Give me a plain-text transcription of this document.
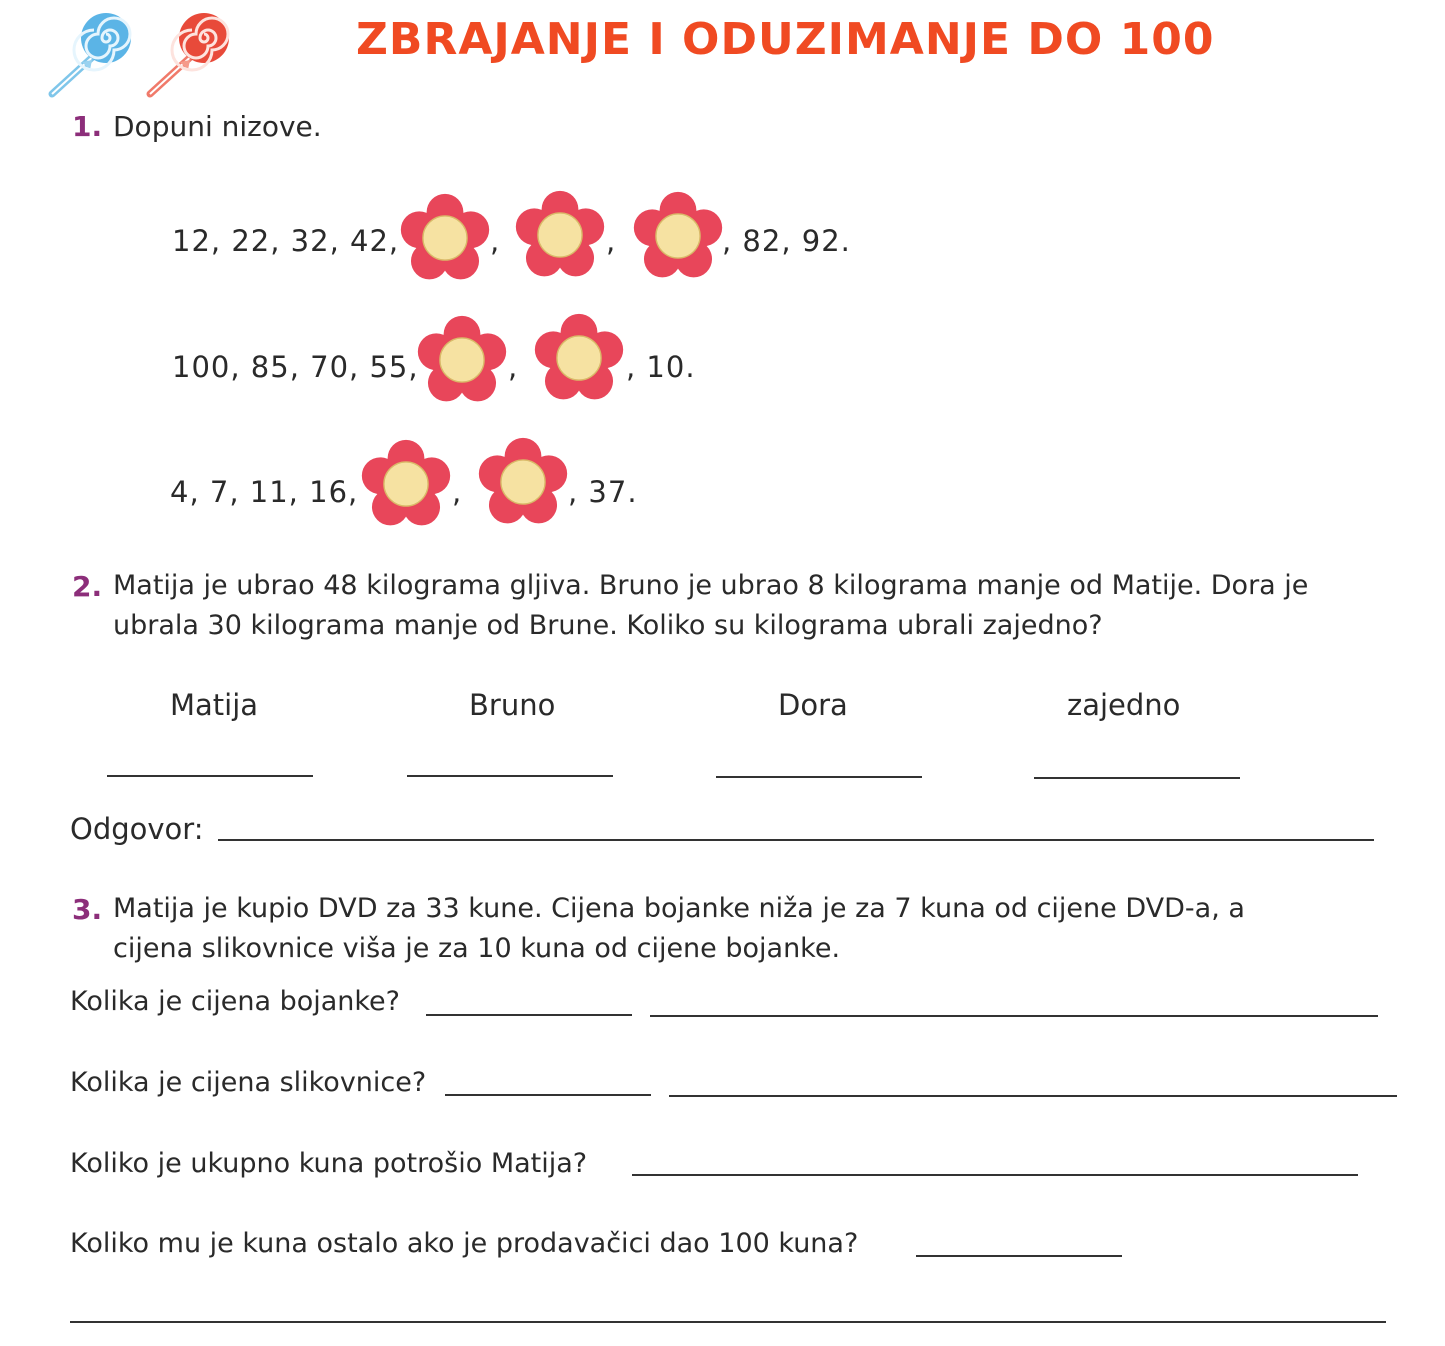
ZBRAJANJE I ODUZIMANJE DO 100
1. Dopuni nizove.
12, 22, 32, 42,	,	,	, 82, 92.
100, 85, 70, 55,	,	, 10.
4, 7, 11, 16,	,	, 37.
2. Matija je ubrao 48 kilograma gljiva. Bruno je ubrao 8 kilograma manje od Matije. Dora je
ubrala 30 kilograma manje od Brune. Koliko su kilograma ubrali zajedno?
Matija	Bruno	Dora	zajedno
Odgovor:
3. Matija je kupio DVD za 33 kune. Cijena bojanke niža je za 7 kuna od cijene DVD-a, a
cijena slikovnice viša je za 10 kuna od cijene bojanke.
Kolika je cijena bojanke?
Kolika je cijena slikovnice?
Koliko je ukupno kuna potrošio Matija?
Koliko mu je kuna ostalo ako je prodavačici dao 100 kuna?
